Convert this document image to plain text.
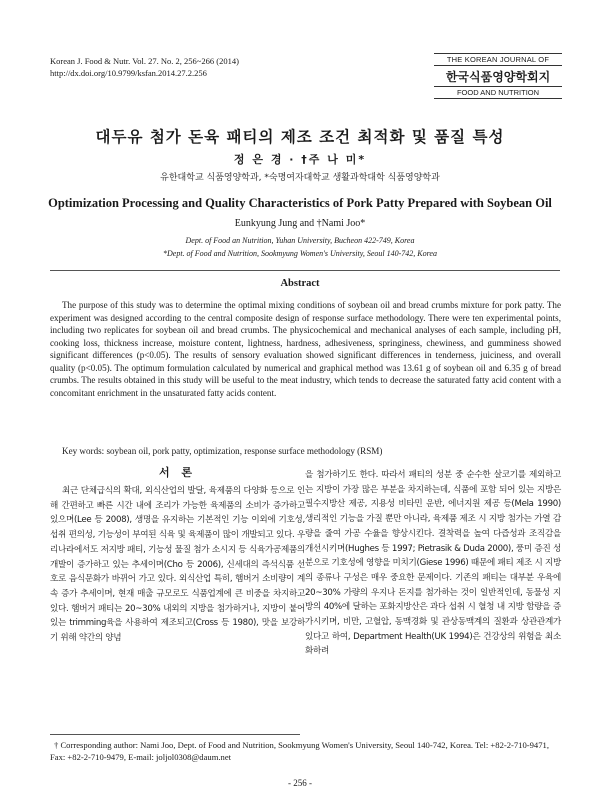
Korean J. Food & Nutr. Vol. 27. No. 2, 256~266 (2014)
http://dx.doi.org/10.9799/ksfan.2014.27.2.256
THE KOREAN JOURNAL OF
한국식품영양학회지
FOOD AND NUTRITION
대두유 첨가 돈육 패티의 제조 조건 최적화 및 품질 특성
정 은 경 · †주 나 미*
유한대학교 식품영양학과, *숙명여자대학교 생활과학대학 식품영양학과
Optimization Processing and Quality Characteristics of Pork Patty Prepared with Soybean Oil
Eunkyung Jung and †Nami Joo*
Dept. of Food an Nutrition, Yuhan University, Bucheon 422-749, Korea
*Dept. of Food and Nutrition, Sookmyung Women's University, Seoul 140-742, Korea
Abstract
The purpose of this study was to determine the optimal mixing conditions of soybean oil and bread crumbs mixture for pork patty. The experiment was designed according to the central composite design of response surface methodology. There were ten experimental points, including two replicates for soybean oil and bread crumbs. The physicochemical and mechanical analyses of each sample, including pH, cooking loss, thickness increase, moisture content, lightness, hardness, adhesiveness, springiness, chewiness, and gumminess showed significant differences (p<0.05). The results of sensory evaluation showed significant differences in tenderness, juiciness, and overall quality (p<0.05). The optimum formulation calculated by numerical and graphical method was 13.61 g of soybean oil and 6.35 g of bread crumbs. The results obtained in this study will be useful to the meat industry, which tends to decrease the saturated fatty acid content with a concomitant enrichment in the unsaturated fatty acids content.
Key words: soybean oil, pork patty, optimization, response surface methodology (RSM)
서 론
최근 단체급식의 확대, 외식산업의 발달, 육제품의 다양화 등으로 인해 간편하고 빠른 시간 내에 조리가 가능한 육제품의 소비가 증가하고 있으며(Lee 등 2008), 생명을 유지하는 기본적인 기능 이외에 기호성, 섭취 편의성, 기능성이 부여된 식육 및 육제품이 많이 개발되고 있다. 우리나라에서도 저지방 패티, 기능성 물질 첨가 소시지 등 식육가공제품의 개발이 증가하고 있는 추세이며(Cho 등 2006), 신세대의 즉석식품 선호로 음식문화가 바뀌어 가고 있다. 외식산업 특히, 햄버거 소비량이 계속 증가 추세이며, 현재 매출 규모로도 식품업계에 큰 비중을 차지하고 있다. 햄버거 패티는 20~30% 내외의 지방을 첨가하거나, 지방이 붙어 있는 trimming육을 사용하여 제조되고(Cross 등 1980), 맛을 보강하기 위해 약간의 양념
을 첨가하기도 한다. 따라서 패티의 성분 중 순수한 살코기를 제외하고는 지방이 가장 많은 부분을 차지하는데, 식품에 포함 되어 있는 지방은 필수지방산 제공, 지용성 비타민 운반, 에너지원 제공 등(Mela 1990) 생리적인 기능을 가질 뿐만 아니라, 육제품 제조 시 지방 첨가는 가열 감량을 줄여 가공 수율을 향상시킨다. 결착력을 높여 다즙성과 조직감을 개선시키며(Hughes 등 1997; Pietrasik & Duda 2000), 풍미 증진 성분으로 기호성에 영향을 미치기(Giese 1996) 때문에 패티 제조 시 지방의 종류나 구성은 매우 중요한 문제이다. 기존의 패티는 대부분 우육에 20~30% 가량의 우지나 돈지를 첨가하는 것이 일반적인데, 동물성 지방의 40%에 달하는 포화지방산은 과다 섭취 시 혈청 내 지방 함량을 증가시키며, 비만, 고혈압, 동맥경화 및 관상동맥계의 질환과 상관관계가 있다고 하여, Department Health(UK 1994)은 건강상의 위험을 최소화하려
† Corresponding author: Nami Joo, Dept. of Food and Nutrition, Sookmyung Women's University, Seoul 140-742, Korea. Tel: +82-2-710-9471, Fax: +82-2-710-9479, E-mail: joljol0308@daum.net
- 256 -
